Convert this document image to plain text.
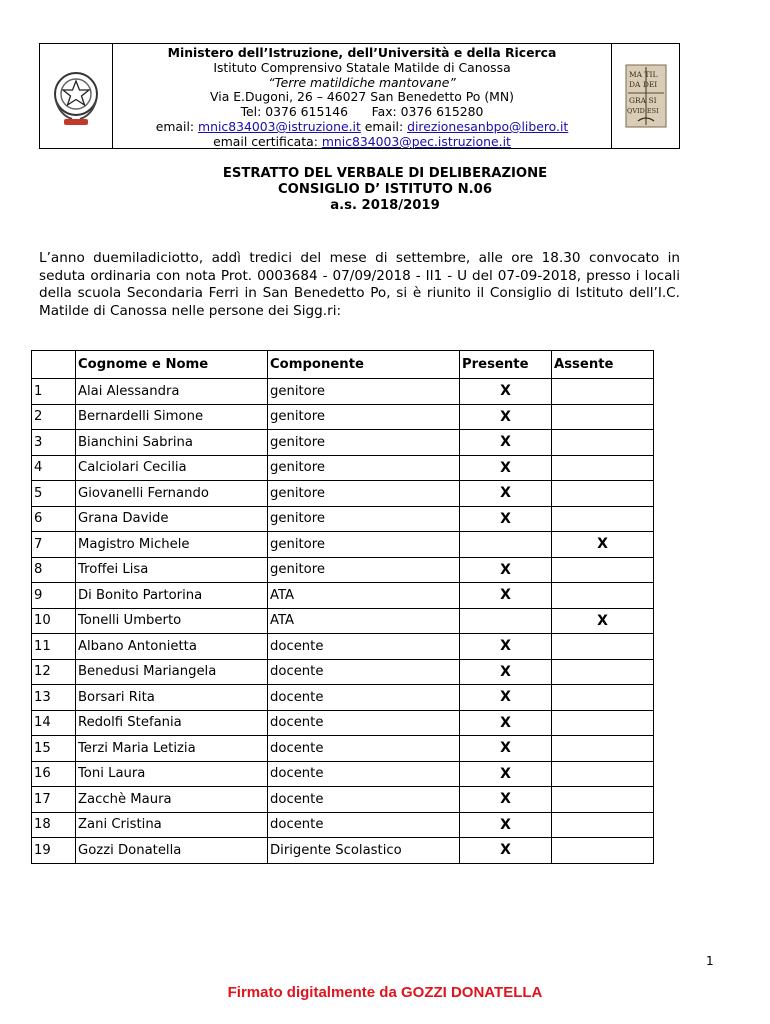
Ministero dell’Istruzione, dell’Università e della Ricerca
Istituto Comprensivo Statale Matilde di Canossa
“Terre matildiche mantovane”
Via E.Dugoni, 26 – 46027 San Benedetto Po (MN)
Tel: 0376 615146 Fax: 0376 615280
email: mnic834003@istruzione.it email: direzionesanbpo@libero.it
email certificata: mnic834003@pec.istruzione.it
MA TIL
DA DEI
GRA SI
QVID ESI
ESTRATTO DEL VERBALE DI DELIBERAZIONE
CONSIGLIO D’ ISTITUTO N.06
a.s. 2018/2019
L’anno duemiladiciotto, addì tredici del mese di settembre, alle ore 18.30 convocato in seduta ordinaria con nota Prot. 0003684 - 07/09/2018 - II1 - U del 07-09-2018, presso i locali della scuola Secondaria Ferri in San Benedetto Po, si è riunito il Consiglio di Istituto dell’I.C. Matilde di Canossa nelle persone dei Sigg.ri:
	Cognome e Nome	Componente	Presente	Assente
1	Alai Alessandra	genitore	X	
2	Bernardelli Simone	genitore	X	
3	Bianchini Sabrina	genitore	X	
4	Calciolari Cecilia	genitore	X	
5	Giovanelli Fernando	genitore	X	
6	Grana Davide	genitore	X	
7	Magistro Michele	genitore		X
8	Troffei Lisa	genitore	X	
9	Di Bonito Partorina	ATA	X	
10	Tonelli Umberto	ATA		X
11	Albano Antonietta	docente	X	
12	Benedusi Mariangela	docente	X	
13	Borsari Rita	docente	X	
14	Redolfi Stefania	docente	X	
15	Terzi Maria Letizia	docente	X	
16	Toni Laura	docente	X	
17	Zacchè Maura	docente	X	
18	Zani Cristina	docente	X	
19	Gozzi Donatella	Dirigente Scolastico	X	
1
Firmato digitalmente da GOZZI DONATELLA
